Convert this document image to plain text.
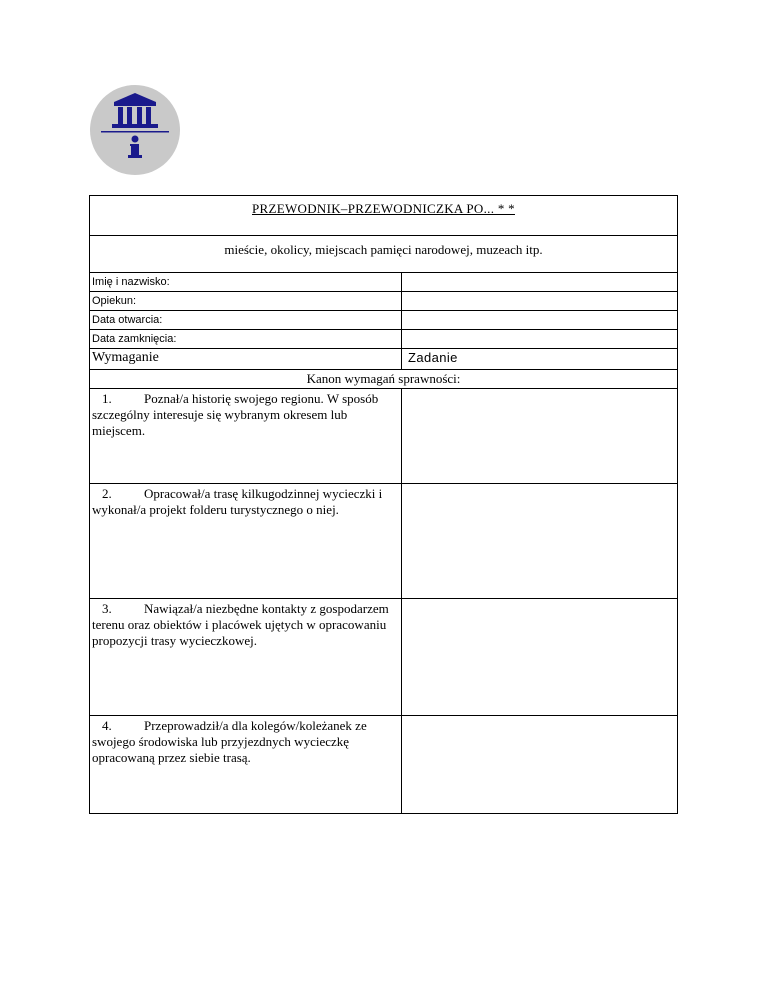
PRZEWODNIK–PRZEWODNICZKA PO... * *
mieście, okolicy, miejscach pamięci narodowej, muzeach itp.
Imię i nazwisko:
Opiekun:
Data otwarcia:
Data zamknięcia:
Wymaganie	Zadanie
Kanon wymagań sprawności:
1. Poznał/a historię swojego regionu. W sposób szczególny interesuje się wybranym okresem lub miejscem.
2. Opracował/a trasę kilkugodzinnej wycieczki i wykonał/a projekt folderu turystycznego o niej.
3. Nawiązał/a niezbędne kontakty z gospodarzem terenu oraz obiektów i placówek ujętych w opracowaniu propozycji trasy wycieczkowej.
4. Przeprowadził/a dla kolegów/koleżanek ze swojego środowiska lub przyjezdnych wycieczkę opracowaną przez siebie trasą.
